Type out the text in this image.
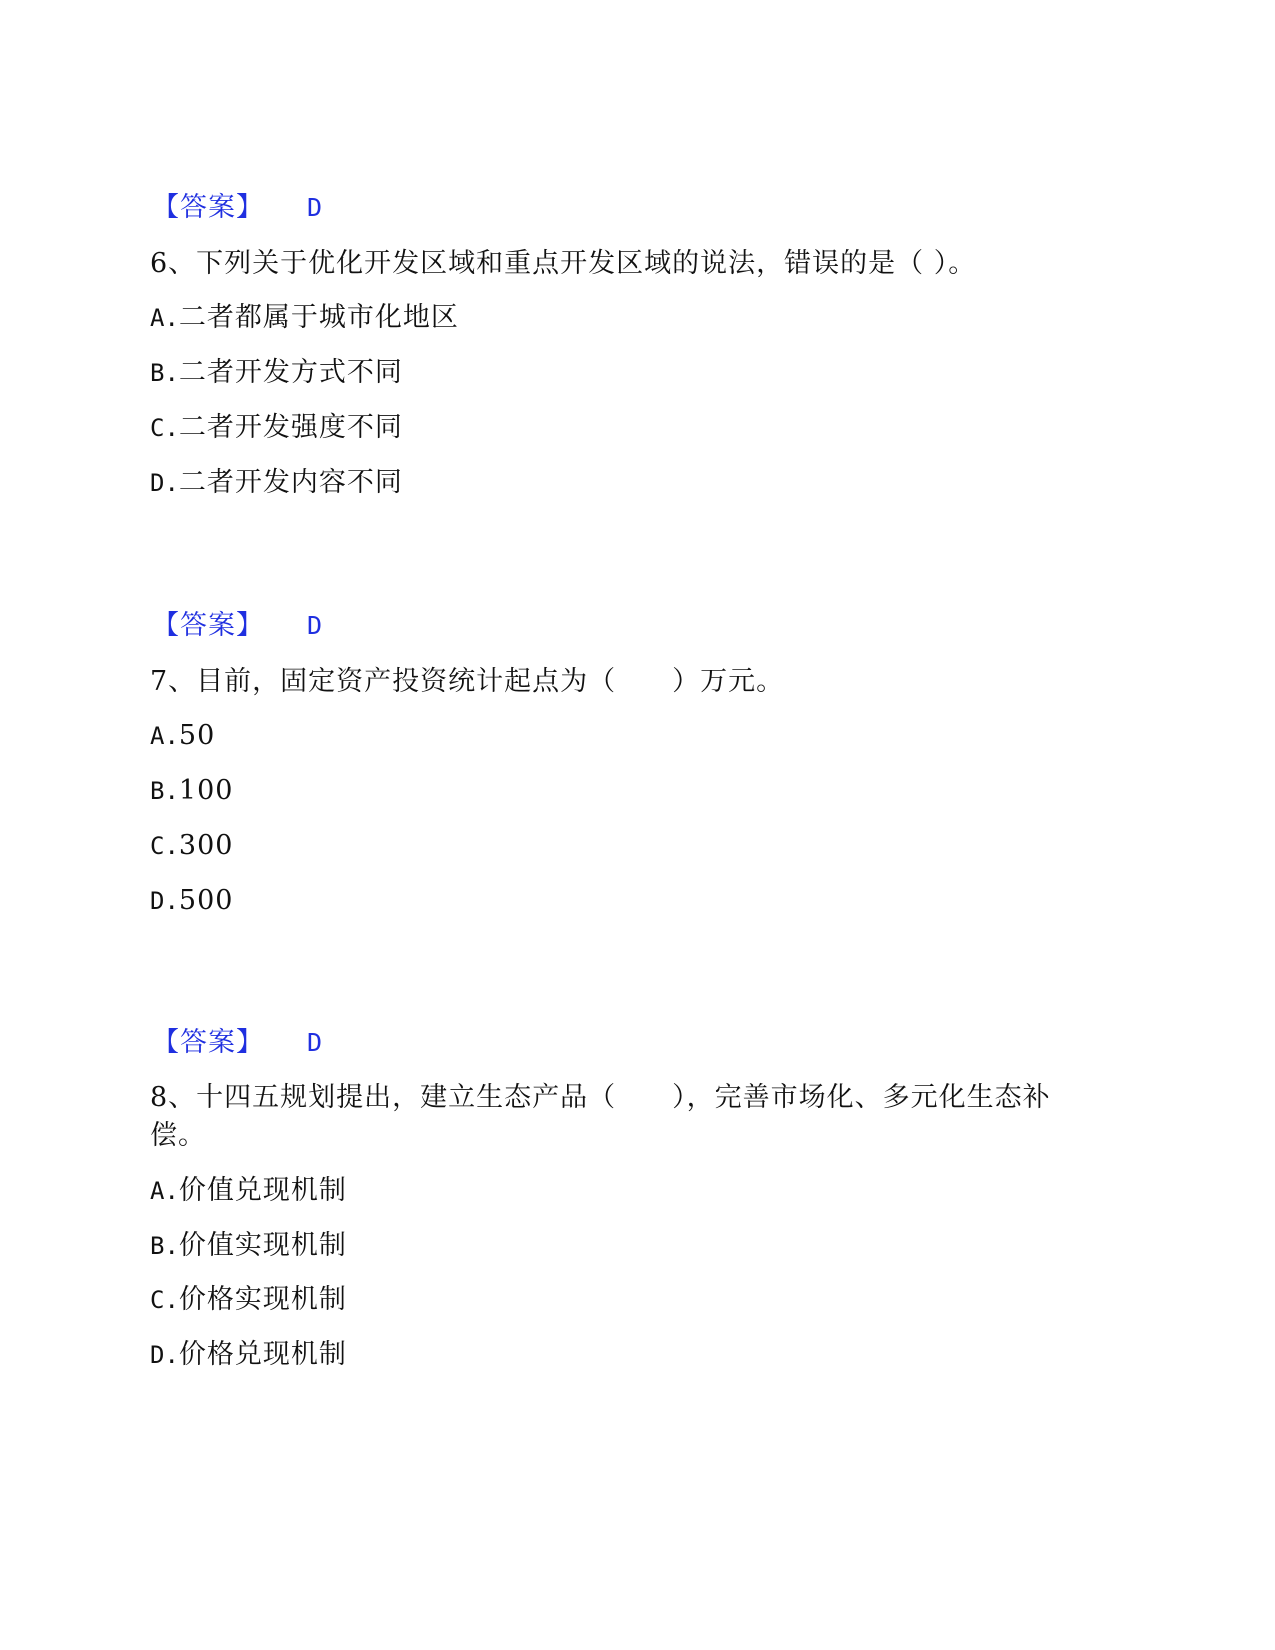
【答案】 D
6、下列关于优化开发区域和重点开发区域的说法，错误的是（ ）。
A.二者都属于城市化地区
B.二者开发方式不同
C.二者开发强度不同
D.二者开发内容不同
【答案】 D
7、目前，固定资产投资统计起点为（　　）万元。
A.50
B.100
C.300
D.500
【答案】 D
8、十四五规划提出，建立生态产品（　　），完善市场化、多元化生态补偿。
A.价值兑现机制
B.价值实现机制
C.价格实现机制
D.价格兑现机制
